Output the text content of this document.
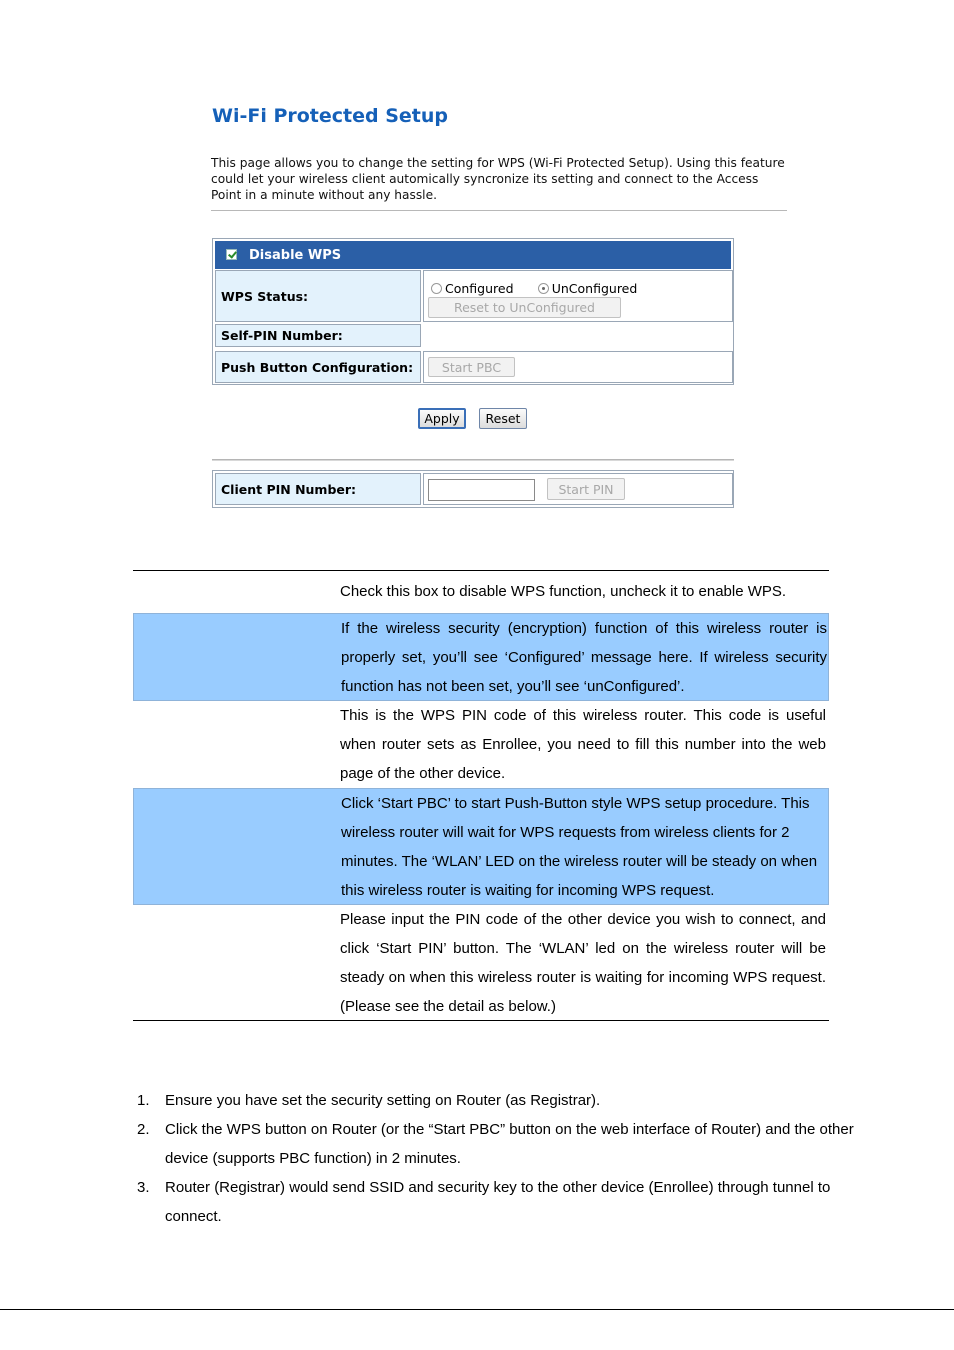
Wi-Fi Protected Setup
This page allows you to change the setting for WPS (Wi-Fi Protected Setup). Using this feature could let your wireless client automically syncronize its setting and connect to the Access Point in a minute without any hassle.
Disable WPS
WPS Status:	Configured	UnConfigured
Reset to UnConfigured
Self-PIN Number:
Push Button Configuration:	Start PBC
Apply	Reset
Client PIN Number:	Start PIN
Check this box to disable WPS function, uncheck it to enable WPS.
If the wireless security (encryption) function of this wireless router is properly set, you’ll see ‘Configured’ message here. If wireless security function has not been set, you’ll see ‘unConfigured’.
This is the WPS PIN code of this wireless router. This code is useful when router sets as Enrollee, you need to fill this number into the web page of the other device.
Click ‘Start PBC’ to start Push-Button style WPS setup procedure. This wireless router will wait for WPS requests from wireless clients for 2 minutes. The ‘WLAN’ LED on the wireless router will be steady on when this wireless router is waiting for incoming WPS request.
Please input the PIN code of the other device you wish to connect, and click ‘Start PIN’ button. The ‘WLAN’ led on the wireless router will be steady on when this wireless router is waiting for incoming WPS request. (Please see the detail as below.)
1. Ensure you have set the security setting on Router (as Registrar).
2. Click the WPS button on Router (or the “Start PBC” button on the web interface of Router) and the other device (supports PBC function) in 2 minutes.
3. Router (Registrar) would send SSID and security key to the other device (Enrollee) through tunnel to connect.
